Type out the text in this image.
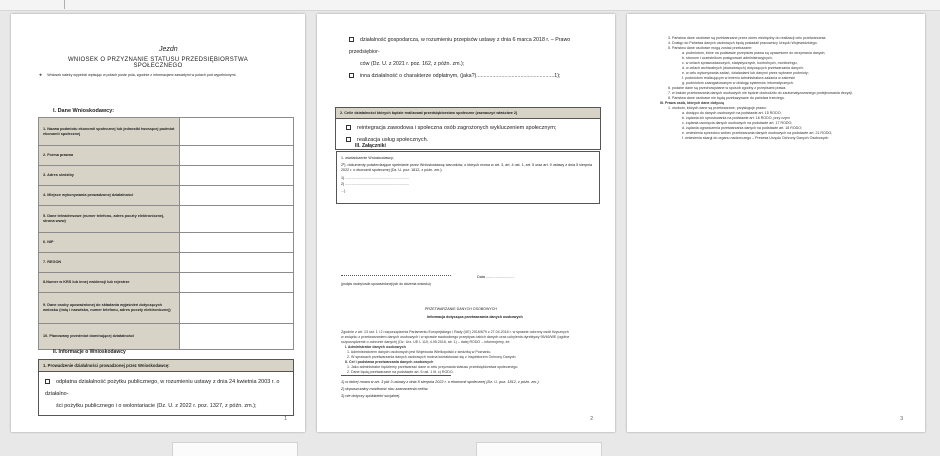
Jezdn
WNIOSEK O PRZYZNANIE STATUSU PRZEDSIĘBIORSTWA SPOŁECZNEGO
❖ Wniosek należy wypełnić wpisując w polach puste pola, zgodnie z informacjami zawartymi w polach pod wypełnionymi.
I. Dane Wnioskodawcy:
1. Nazwa podmiotu ekonomii społecznej lub jednostki tworzącej podmiot ekonomii społecznej
2. Forma prawna
3. Adres siedziby
4. Miejsce wykonywania prowadzonej działalności
5. Dane teleadresowe (numer telefonu, adres poczty elektronicznej, strona www)
6. NIP
7. REGON
8.Numer w KRS lub innej ewidencji lub rejestrze
9. Dane osoby upoważnionej do składania wyjaśnień dotyczących wniosku (imię i nazwisko, numer telefonu, adres poczty elektronicznej)
10. Planowany przedmiot dominującej działalności
II. Informacje o Wnioskodawcy
1. Prowadzenie działalności prowadzonej przez Wnioskodawcę:
odpłatna działalność pożytku publicznego, w rozumieniu ustawy z dnia 24 kwietnia 2003 r. o działalno-
ści pożytku publicznego i o wolontariacie (Dz. U. z 2022 r. poz. 1327, z późn. zm.);
1
działalność gospodarcza, w rozumieniu przepisów ustawy z dnia 6 marca 2018 r. – Prawo przedsiębior-
ców (Dz. U. z 2021 r. poz. 162, z późn. zm.);
inna działalność o charakterze odpłatnym, (jaka?).....................................................1);
2. Cel/e działalności których będzie realizowal przedsiębiorstwo społeczne (zaznaczyć właściwe 2)
reintegracja zawodowa i społeczna osób zagrożonych wykluczeniem społecznym;
realizacja usług społecznych.
III. Załączniki
1. oświadczenie Wnioskodawcy;
2³). dokumenty potwierdzające spełnianie przez Wnioskodawcę warunków, o których mowa w art. 3, art. 4 ust. 1, art. 5 oraz art. 9 ustawy z dnia 5 sierpnia 2022 r. o ekonomii społecznej (Dz. U. poz. 1812, z późn. zm.):
1) ..............................................................
2) ..............................................................
...)
Data ...........................
(podpis osoby/osób upoważnionej/ych do złożenia wniosku)
PRZETWARZANIE DANYCH OSOBOWYCH
Informacja dotycząca przetwarzania danych osobowych
Zgodnie z art. 13 ust. 1 i 2 rozporządzenia Parlamentu Europejskiego i Rady (UE) 2016/679 z 27.04.2016 r. w sprawie ochrony osób fizycznych
w związku z przetwarzaniem danych osobowych i w sprawie swobodnego przepływu takich danych oraz uchylenia dyrektywy 95/46/WE (ogólne
rozporządzenie o ochronie danych) (Dz. Urz. UE L 119, 4.05.2016, str. 1) – dalej RODO – informujemy, że:
I. Administrator danych osobowych
1. Administratorem danych osobowych jest Wojewoda Wielkopolski z siedzibą w Poznaniu.
2. W sprawach przetwarzania danych osobowych można kontaktować się z Inspektorem Ochrony Danych:
II. Cel i podstawa przetwarzania danych osobowych
1. Jako administrator będziemy przetwarzać dane w celu przyznania statusu przedsiębiorstwa społecznego.
2. Dane będą przetwarzane na podstawie art. 6 ust. 1 lit. c) RODO.
1) w której mowa w art. 3 pkt 3 ustawy z dnia 5 sierpnia 2022 r. o ekonomii społecznej (Dz. U. poz. 1812, z późn. zm.).
2) dopuszczalny możliwość obu zaznaczenia celów.
3) nie dotyczy spółdzielni socjalnej.
2
3. Państwa dane osobowe są przetwarzane przez okres niezbędny do realizacji celu przetwarzania.
4. Dostęp do Państwa danych osobowych będą posiadali pracownicy Urzędu Wojewódzkiego.
5. Państwu dane osobowe mogą zostać przekazane:
a. podmiotom, które na podstawie przepisów prawa są uprawnione do otrzymania danych;
b. stronom i uczestnikom postępowań administracyjnych;
c. w celach sprawozdawczych, statystycznych, kontrolnych, monitoringu;
d. w celach archiwalnych (dowodowych) dotyczących przetwarzania danych;
e. w celu wykonywania zadań, działaniami lub danymi przez wybrane podmioty;
f. podmiotom realizującym w imieniu administratora zadania w zakresie
g. podmiotom zaangażowanym w obsługę systemów informatycznych.
6. podane dane są przechowywane w sposób zgodny z przepisami prawa.
7. w trakcie przetwarzania danych osobowych nie będzie dochodziło do zautomatyzowanego podejmowania decyzji.
8. Państwa dane osobowe nie będą przekazywane do państwa trzeciego.
III. Prawa osób, których dane dotyczą
1. osobom, których dane są przetwarzane, przysługuje prawo:
a. dostępu do danych osobowych na podstawie art. 15 RODO;
b. żądania ich sprostowania na podstawie art. 16 RODO, przy czym
c. żądania usunięcia danych osobowych na podstawie art. 17 RODO;
d. żądania ograniczenia przetwarzania danych na podstawie art. 18 RODO;
e. wniesienia sprzeciwu wobec przetwarzania danych osobowych na podstawie art. 21 RODO;
f. wniesienia skargi do organu nadzorczego – Prezesa Urzędu Ochrony Danych Osobowych
3
